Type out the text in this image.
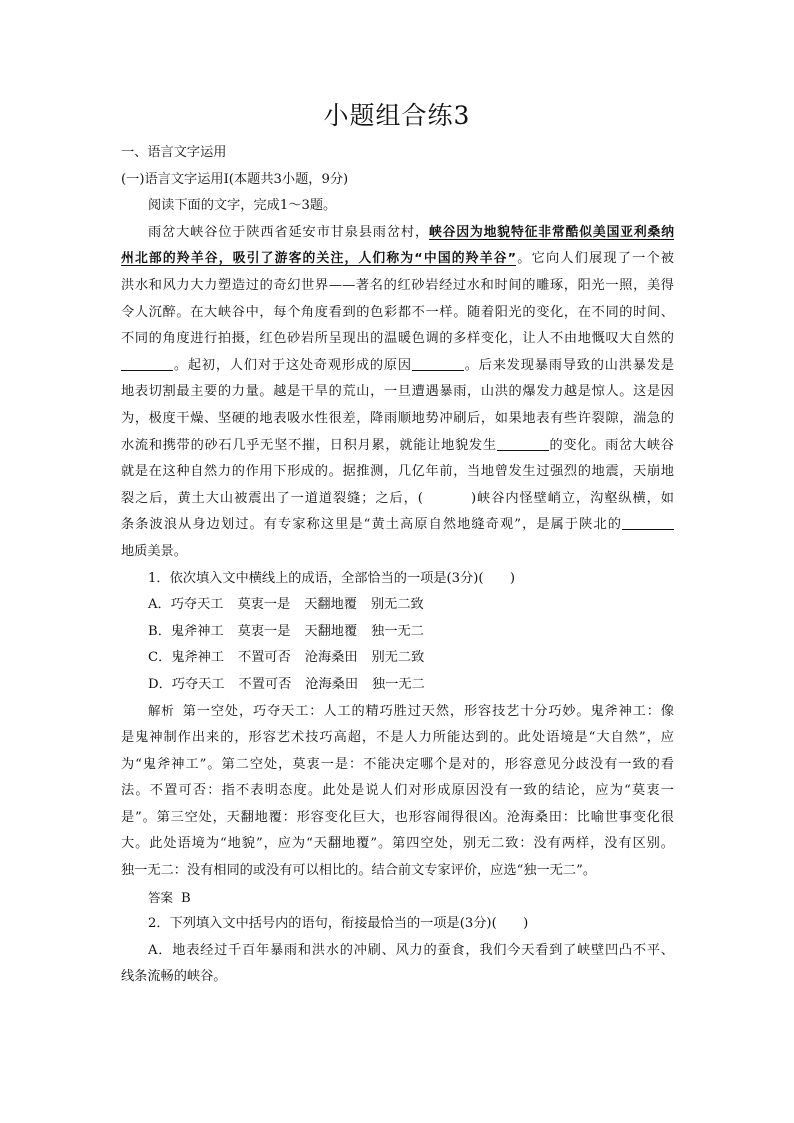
小题组合练3
一、语言文字运用
(一)语言文字运用Ⅰ(本题共3小题，9分)
阅读下面的文字，完成1～3题。
雨岔大峡谷位于陕西省延安市甘泉县雨岔村，峡谷因为地貌特征非常酷似美国亚利桑纳
州北部的羚羊谷，吸引了游客的关注，人们称为“中国的羚羊谷”。它向人们展现了一个被
洪水和风力大力塑造过的奇幻世界——著名的红砂岩经过水和时间的雕琢，阳光一照，美得
令人沉醉。在大峡谷中，每个角度看到的色彩都不一样。随着阳光的变化，在不同的时间、
不同的角度进行拍摄，红色砂岩所呈现出的温暖色调的多样变化，让人不由地慨叹大自然的
。起初，人们对于这处奇观形成的原因	。后来发现暴雨导致的山洪暴发是
地表切割最主要的力量。越是干旱的荒山，一旦遭遇暴雨，山洪的爆发力越是惊人。这是因
为，极度干燥、坚硬的地表吸水性很差，降雨顺地势冲刷后，如果地表有些许裂隙，湍急的
水流和携带的砂石几乎无坚不摧，日积月累，就能让地貌发生	的变化。雨岔大峡谷
就是在这种自然力的作用下形成的。据推测，几亿年前，当地曾发生过强烈的地震，天崩地
裂之后，黄土大山被震出了一道道裂缝；之后，(	)峡谷内怪壁峭立，沟壑纵横，如
条条波浪从身边划过。有专家称这里是“黄土高原自然地缝奇观”，是属于陕北的
地质美景。
1．依次填入文中横线上的成语，全部恰当的一项是(3分)(　　)
A．巧夺天工 莫衷一是 天翻地覆 别无二致
B．鬼斧神工 莫衷一是 天翻地覆 独一无二
C．鬼斧神工 不置可否 沧海桑田 别无二致
D．巧夺天工 不置可否 沧海桑田 独一无二
解析 第一空处，巧夺天工：人工的精巧胜过天然，形容技艺十分巧妙。鬼斧神工：像
是鬼神制作出来的，形容艺术技巧高超，不是人力所能达到的。此处语境是“大自然”，应
为“鬼斧神工”。第二空处，莫衷一是：不能决定哪个是对的，形容意见分歧没有一致的看
法。不置可否：指不表明态度。此处是说人们对形成原因没有一致的结论，应为“莫衷一
是”。第三空处，天翻地覆：形容变化巨大，也形容闹得很凶。沧海桑田：比喻世事变化很
大。此处语境为“地貌”，应为“天翻地覆”。第四空处，别无二致：没有两样，没有区别。
独一无二：没有相同的或没有可以相比的。结合前文专家评价，应选“独一无二”。
答案 B
2．下列填入文中括号内的语句，衔接最恰当的一项是(3分)(　　)
A．地表经过千百年暴雨和洪水的冲刷、风力的蚕食，我们今天看到了峡壁凹凸不平、
线条流畅的峡谷。
